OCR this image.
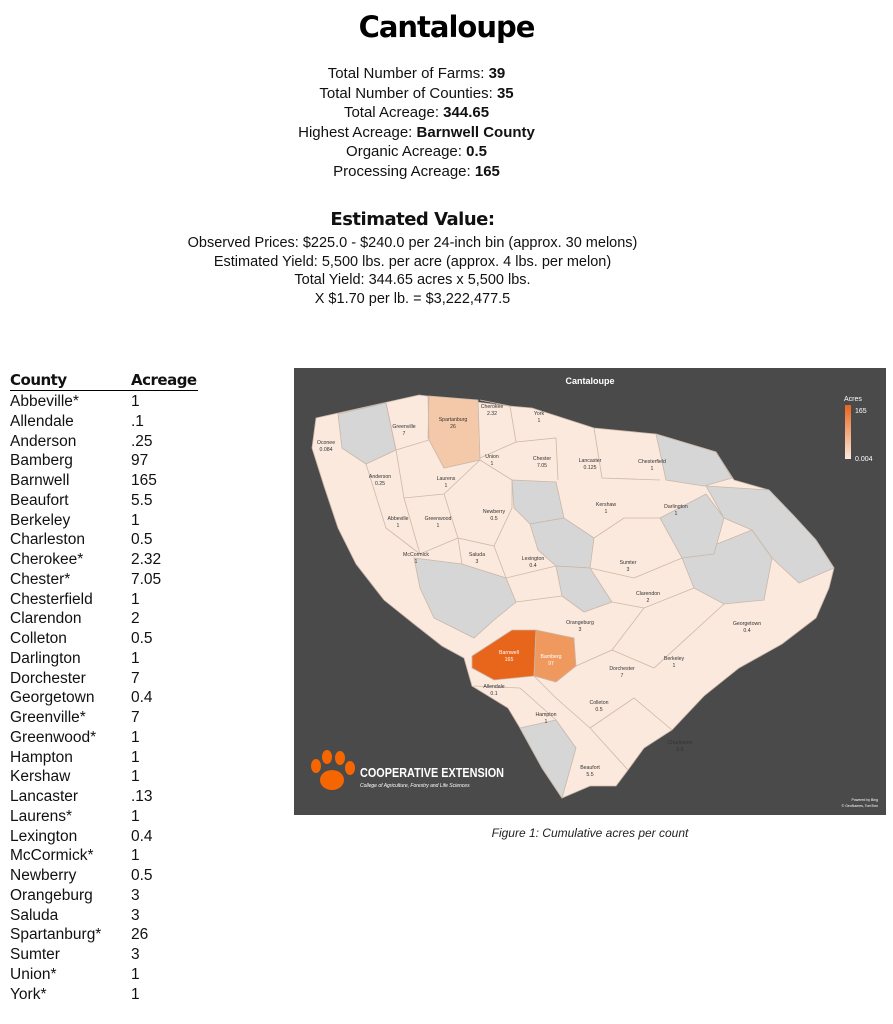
Cantaloupe
Total Number of Farms: 39
Total Number of Counties: 35
Total Acreage: 344.65
Highest Acreage: Barnwell County
Organic Acreage: 0.5
Processing Acreage: 165
Estimated Value:
Observed Prices: $225.0 - $240.0 per 24-inch bin (approx. 30 melons)
Estimated Yield: 5,500 lbs. per acre (approx. 4 lbs. per melon)
Total Yield: 344.65 acres x 5,500 lbs.
X $1.70 per lb. = $3,222,477.5
County	Acreage
Abbeville*	1
Allendale	.1
Anderson	.25
Bamberg	97
Barnwell	165
Beaufort	5.5
Berkeley	1
Charleston	0.5
Cherokee*	2.32
Chester*	7.05
Chesterfield 1
Clarendon	2
Colleton	0.5
Darlington	1
Dorchester	7
Georgetown 0.4
Greenville*	7
Greenwood* 1
Hampton	1
Kershaw	1
Lancaster	.13
Laurens*	1
Lexington	0.4
McCormick* 1
Newberry	0.5
Orangeburg 3
Saluda	3
Spartanburg* 26
Sumter	3
Union*	1
York*	1
Cantaloupe
Acres
165
0.004
Oconee
0.084
Greenville
7
Spartanburg
26
Cherokee
2.32	York
1
Anderson
0.25
Laurens
1
Union
1
Chester
7.05
Lancaster
0.125
Chesterfield
1
Abbeville
1
Greenwood
1
Newberry
0.5
Kershaw
1
Darlington
1
McCormick
1
Saluda
3	Lexington
0.4	Sumter
3
Clarendon
2
Orangeburg
3
Georgetown
0.4
Barnwell
165	Bamberg
97
Dorchester
7
Berkeley
1
Allendale
0.1
Colleton
0.5
Hampton
1
Charleston
0.5
Beaufort
5.5
COOPERATIVE EXTENSION
College of Agriculture, Forestry and Life Sciences
Powered by Bing
© GeoNames, TomTom
Figure 1: Cumulative acres per count
